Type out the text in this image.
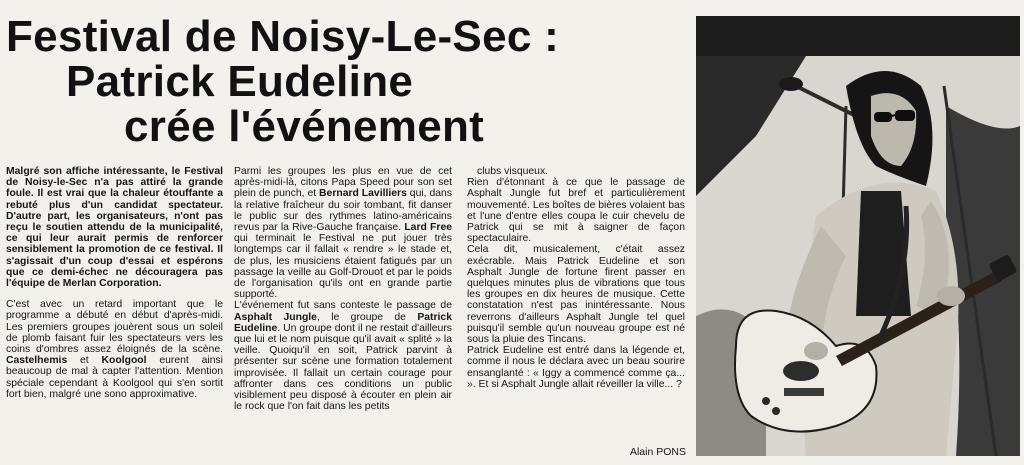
Festival de Noisy-Le-Sec :
Patrick Eudeline
crée l'événement

Malgré son affiche intéressante, le Festival de Noisy-le-Sec n'a pas attiré la grande foule. Il est vrai que la chaleur étouffante a rebuté plus d'un candidat spectateur. D'autre part, les organisateurs, n'ont pas reçu le soutien attendu de la municipalité, ce qui leur aurait permis de renforcer sensiblement la promotion de ce festival. Il s'agissait d'un coup d'essai et espérons que ce demi-échec ne découragera pas l'équipe de Merlan Corporation.

C'est avec un retard important que le programme a débuté en début d'après-midi. Les premiers groupes jouèrent sous un soleil de plomb faisant fuir les spectateurs vers les coins d'ombres assez éloignés de la scène. Castelhemis et Koolgool eurent ainsi beaucoup de mal à capter l'attention. Mention spéciale cependant à Koolgool qui s'en sortit fort bien, malgré une sono approximative.

Parmi les groupes les plus en vue de cet après-midi-là, citons Papa Speed pour son set plein de punch, et Bernard Lavilliers qui, dans la relative fraîcheur du soir tombant, fit danser le public sur des rythmes latino-américains revus par la Rive-Gauche française. Lard Free qui terminait le Festival ne put jouer très longtemps car il fallait « rendre » le stade et, de plus, les musiciens étaient fatigués par un passage la veille au Golf-Drouot et par le poids de l'organisation qu'ils ont en grande partie supporté.

L'événement fut sans conteste le passage de Asphalt Jungle, le groupe de Patrick Eudeline. Un groupe dont il ne restait d'ailleurs que lui et le nom puisque qu'il avait « splité » la veille. Quoiqu'il en soit, Patrick parvint à présenter sur scène une formation totalement improvisée. Il fallait un certain courage pour affronter dans ces conditions un public visiblement peu disposé à écouter en plein air le rock que l'on fait dans les petits

clubs visqueux.

Rien d'étonnant à ce que le passage de Asphalt Jungle fut bref et particulièrement mouvementé. Les boîtes de bières volaient bas et l'une d'entre elles coupa le cuir chevelu de Patrick qui se mit à saigner de façon spectaculaire.

Cela dit, musicalement, c'était assez exécrable. Mais Patrick Eudeline et son Asphalt Jungle de fortune firent passer en quelques minutes plus de vibrations que tous les groupes en dix heures de musique. Cette constatation n'est pas inintéressante. Nous reverrons d'ailleurs Asphalt Jungle tel quel puisqu'il semble qu'un nouveau groupe est né sous la pluie des Tincans.

Patrick Eudeline est entré dans la légende et, comme il nous le déclara avec un beau sourire ensanglanté : « Iggy a commencé comme ça... ». Et si Asphalt Jungle allait réveiller la ville... ?

Alain PONS
